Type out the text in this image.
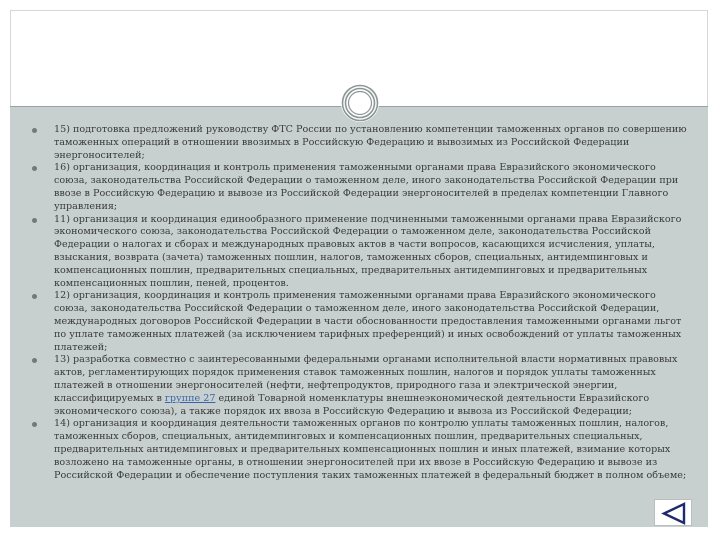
15) подготовка предложений руководству ФТС России по установлению компетенции таможенных органов по совершению таможенных операций в отношении ввозимых в Российскую Федерацию и вывозимых из Российской Федерации энергоносителей;
16) организация, координация и контроль применения таможенными органами права Евразийского экономического союза, законодательства Российской Федерации о таможенном деле, иного законодательства Российской Федерации при ввозе в Российскую Федерацию и вывозе из Российской Федерации энергоносителей в пределах компетенции Главного управления;
11) организация и координация единообразного применение подчиненными таможенными органами права Евразийского экономического союза, законодательства Российской Федерации о таможенном деле, законодательства Российской Федерации о налогах и сборах и международных правовых актов в части вопросов, касающихся исчисления, уплаты, взыскания, возврата (зачета) таможенных пошлин, налогов, таможенных сборов, специальных, антидемпинговых и компенсационных пошлин, предварительных специальных, предварительных антидемпинговых и предварительных компенсационных пошлин, пеней, процентов.
12) организация, координация и контроль применения таможенными органами права Евразийского экономического союза, законодательства Российской Федерации о таможенном деле, иного законодательства Российской Федерации, международных договоров Российской Федерации в части обоснованности предоставления таможенными органами льгот по уплате таможенных платежей (за исключением тарифных преференций) и иных освобождений от уплаты таможенных платежей;
13) разработка совместно с заинтересованными федеральными органами исполнительной власти нормативных правовых актов, регламентирующих порядок применения ставок таможенных пошлин, налогов и порядок уплаты таможенных платежей в отношении энергоносителей (нефти, нефтепродуктов, природного газа и электрической энергии, классифицируемых в группе 27 единой Товарной номенклатуры внешнеэкономической деятельности Евразийского экономического союза), а также порядок их ввоза в Российскую Федерацию и вывоза из Российской Федерации;
14) организация и координация деятельности таможенных органов по контролю уплаты таможенных пошлин, налогов, таможенных сборов, специальных, антидемпинговых и компенсационных пошлин, предварительных специальных, предварительных антидемпинговых и предварительных компенсационных пошлин и иных платежей, взимание которых возложено на таможенные органы, в отношении энергоносителей при их ввозе в Российскую Федерацию и вывозе из Российской Федерации и обеспечение поступления таких таможенных платежей в федеральный бюджет в полном объеме;
